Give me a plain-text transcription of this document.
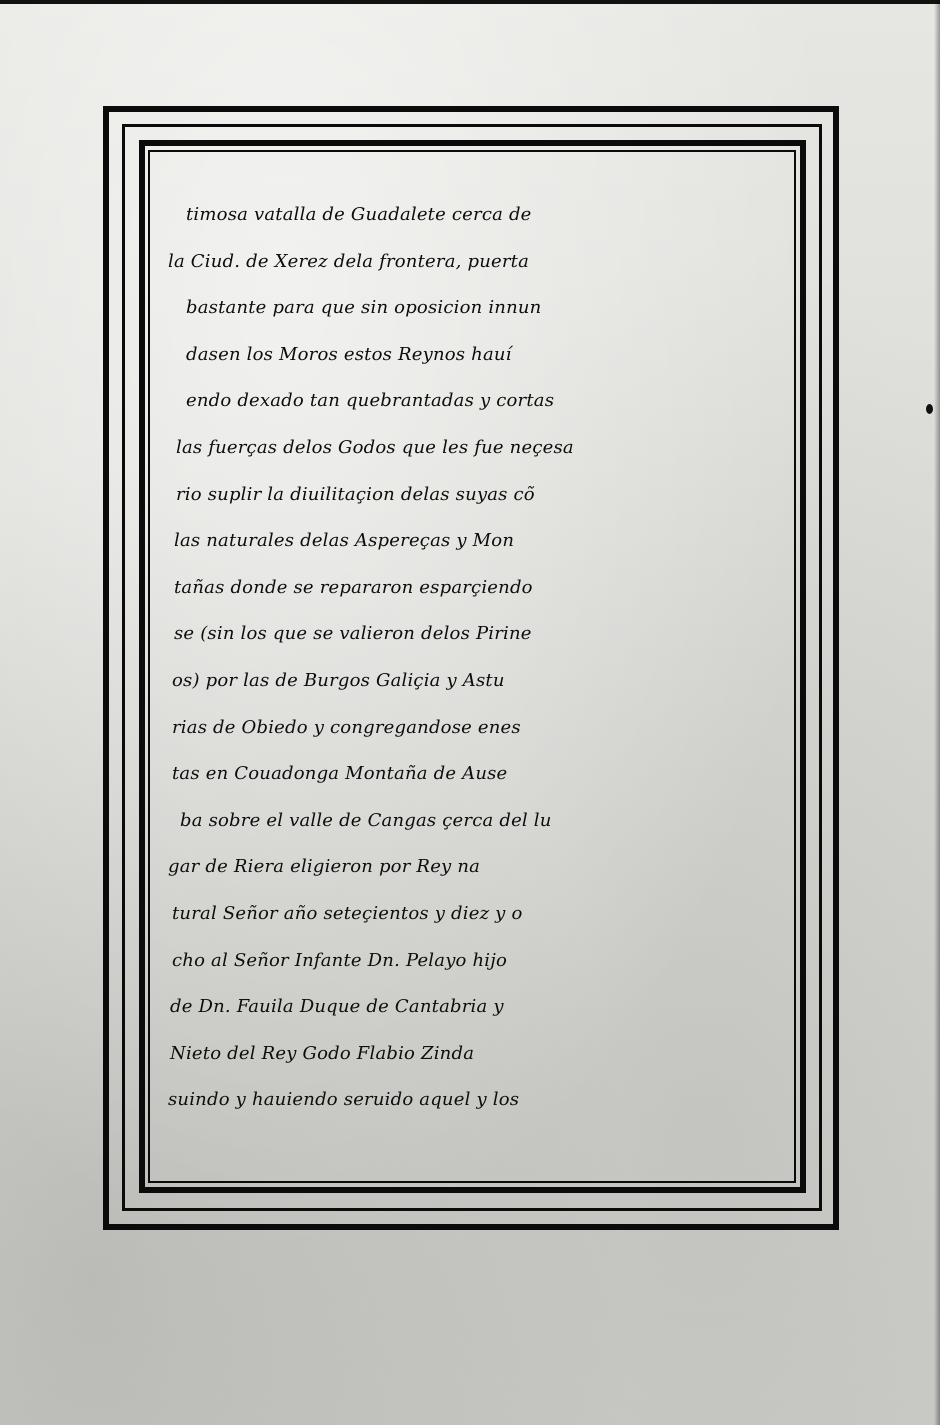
timosa vatalla de Guadalete cerca de
la Ciud. de Xerez dela frontera, puerta
bastante para que sin oposicion innun
dasen los Moros estos Reynos hauí
endo dexado tan quebrantadas y cortas
las fuerças delos Godos que les fue neçesa
rio suplir la diuilitaçion delas suyas cõ
las naturales delas Aspereças y Mon
tañas donde se repararon esparçiendo
se (sin los que se valieron delos Pirine
os) por las de Burgos Galiçia y Astu
rias de Obiedo y congregandose enes
tas en Couadonga Montaña de Ause
ba sobre el valle de Cangas çerca del lu
gar de Riera eligieron por Rey na
tural Señor año seteçientos y diez y o
cho al Señor Infante Dn. Pelayo hijo
de Dn. Fauila Duque de Cantabria y
Nieto del Rey Godo Flabio Zinda
suindo y hauiendo seruido aquel y los
